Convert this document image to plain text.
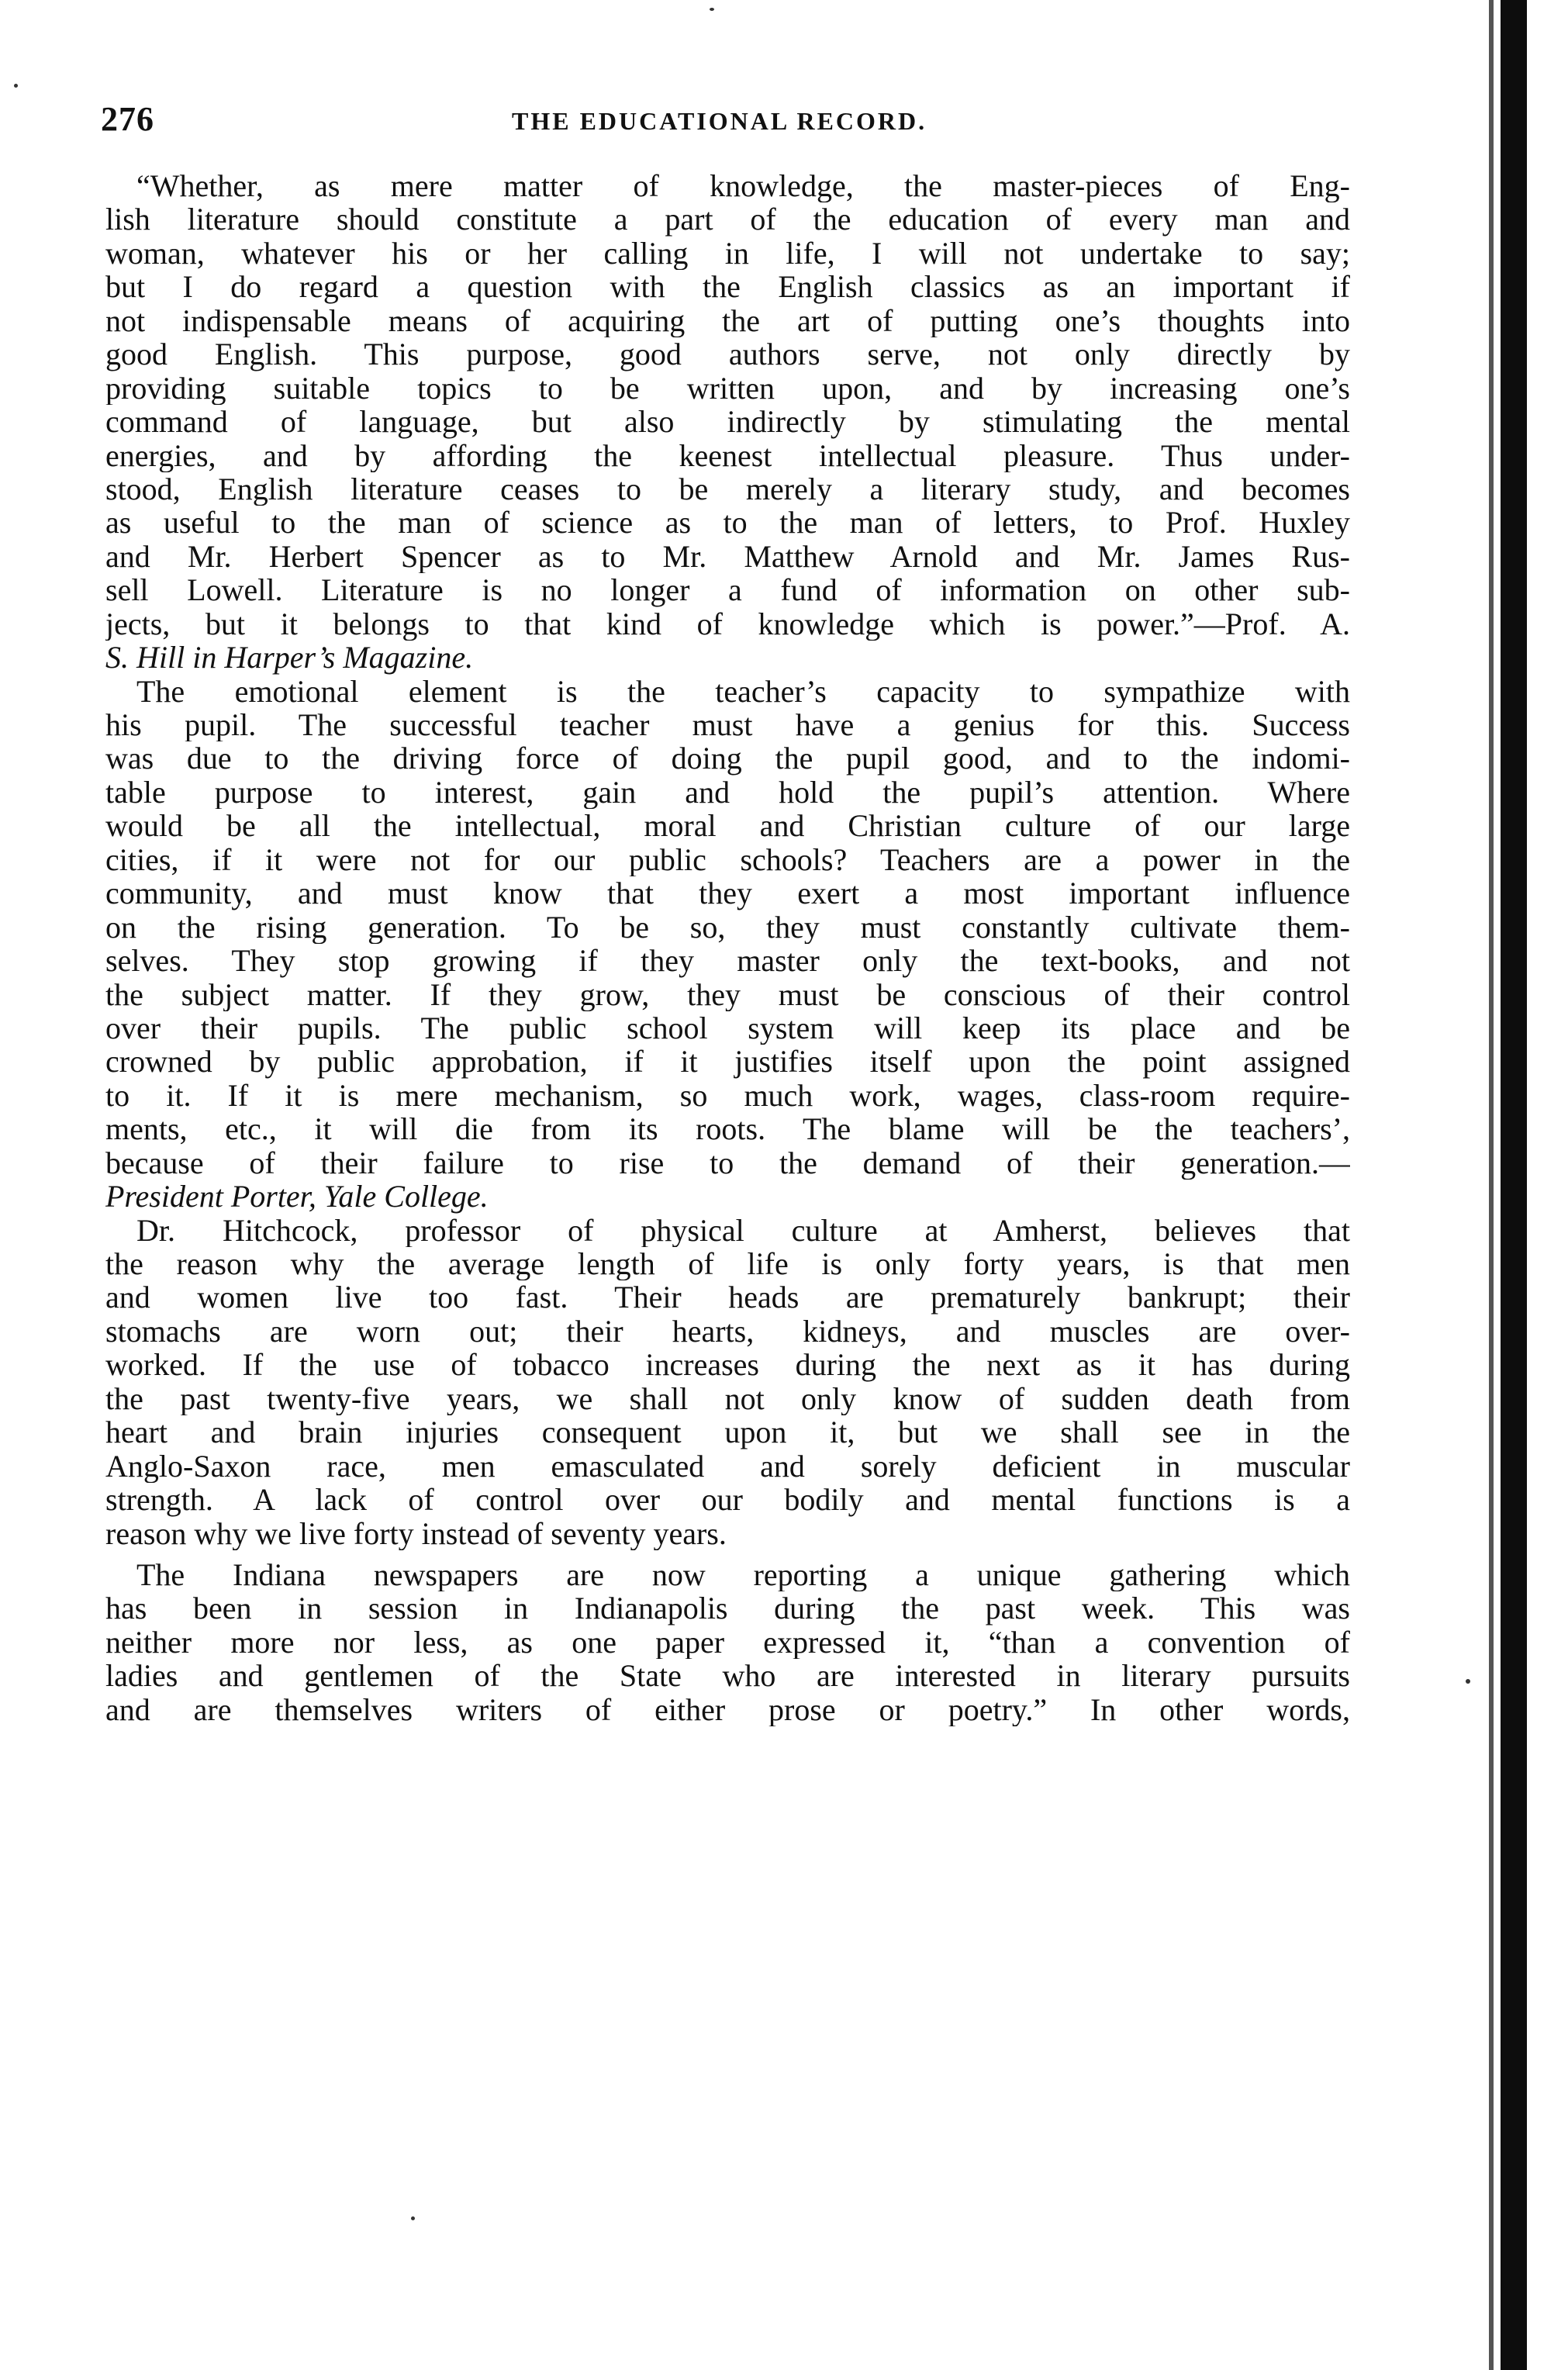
276	THE EDUCATIONAL RECORD.
“Whether, as mere matter of knowledge, the master-pieces of Eng-
lish literature should constitute a part of the education of every man and
woman, whatever his or her calling in life, I will not undertake to say;
but I do regard a question with the English classics as an important if
not indispensable means of acquiring the art of putting one’s thoughts into
good English. This purpose, good authors serve, not only directly by
providing suitable topics to be written upon, and by increasing one’s
command of language, but also indirectly by stimulating the mental
energies, and by affording the keenest intellectual pleasure. Thus under-
stood, English literature ceases to be merely a literary study, and becomes
as useful to the man of science as to the man of letters, to Prof. Huxley
and Mr. Herbert Spencer as to Mr. Matthew Arnold and Mr. James Rus-
sell Lowell. Literature is no longer a fund of information on other sub-
jects, but it belongs to that kind of knowledge which is power.”—Prof. A.
S. Hill in Harper’s Magazine.
The emotional element is the teacher’s capacity to sympathize with
his pupil. The successful teacher must have a genius for this. Success
was due to the driving force of doing the pupil good, and to the indomi-
table purpose to interest, gain and hold the pupil’s attention. Where
would be all the intellectual, moral and Christian culture of our large
cities, if it were not for our public schools? Teachers are a power in the
community, and must know that they exert a most important influence
on the rising generation. To be so, they must constantly cultivate them-
selves. They stop growing if they master only the text-books, and not
the subject matter. If they grow, they must be conscious of their control
over their pupils. The public school system will keep its place and be
crowned by public approbation, if it justifies itself upon the point assigned
to it. If it is mere mechanism, so much work, wages, class-room require-
ments, etc., it will die from its roots. The blame will be the teachers’,
because of their failure to rise to the demand of their generation.—
President Porter, Yale College.
Dr. Hitchcock, professor of physical culture at Amherst, believes that
the reason why the average length of life is only forty years, is that men
and women live too fast. Their heads are prematurely bankrupt; their
stomachs are worn out; their hearts, kidneys, and muscles are over-
worked. If the use of tobacco increases during the next as it has during
the past twenty-five years, we shall not only know of sudden death from
heart and brain injuries consequent upon it, but we shall see in the
Anglo-Saxon race, men emasculated and sorely deficient in muscular
strength. A lack of control over our bodily and mental functions is a
reason why we live forty instead of seventy years.
The Indiana newspapers are now reporting a unique gathering which
has been in session in Indianapolis during the past week. This was
neither more nor less, as one paper expressed it, “than a convention of
ladies and gentlemen of the State who are interested in literary pursuits
and are themselves writers of either prose or poetry.” In other words,
